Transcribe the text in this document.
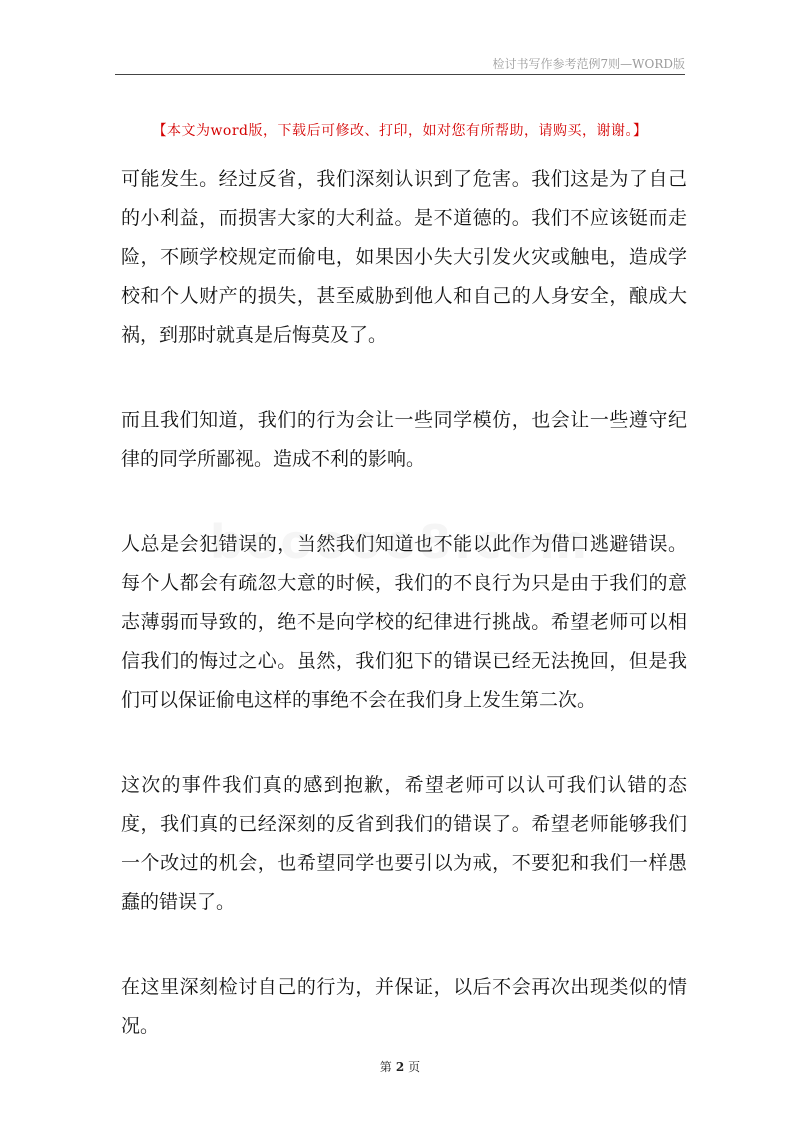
检讨书写作参考范例7则—WORD版
【本文为word版，下载后可修改、打印，如对您有所帮助，请购买，谢谢。】

可能发生。经过反省，我们深刻认识到了危害。我们这是为了自己的小利益，而损害大家的大利益。是不道德的。我们不应该铤而走险，不顾学校规定而偷电，如果因小失大引发火灾或触电，造成学校和个人财产的损失，甚至威胁到他人和自己的人身安全，酿成大祸，到那时就真是后悔莫及了。

而且我们知道，我们的行为会让一些同学模仿，也会让一些遵守纪律的同学所鄙视。造成不利的影响。

人总是会犯错误的，当然我们知道也不能以此作为借口逃避错误。每个人都会有疏忽大意的时候，我们的不良行为只是由于我们的意志薄弱而导致的，绝不是向学校的纪律进行挑战。希望老师可以相信我们的悔过之心。虽然，我们犯下的错误已经无法挽回，但是我们可以保证偷电这样的事绝不会在我们身上发生第二次。

这次的事件我们真的感到抱歉，希望老师可以认可我们认错的态度，我们真的已经深刻的反省到我们的错误了。希望老师能够我们一个改过的机会，也希望同学也要引以为戒，不要犯和我们一样愚蠢的错误了。

在这里深刻检讨自己的行为，并保证，以后不会再次出现类似的情况。

第 2 页
